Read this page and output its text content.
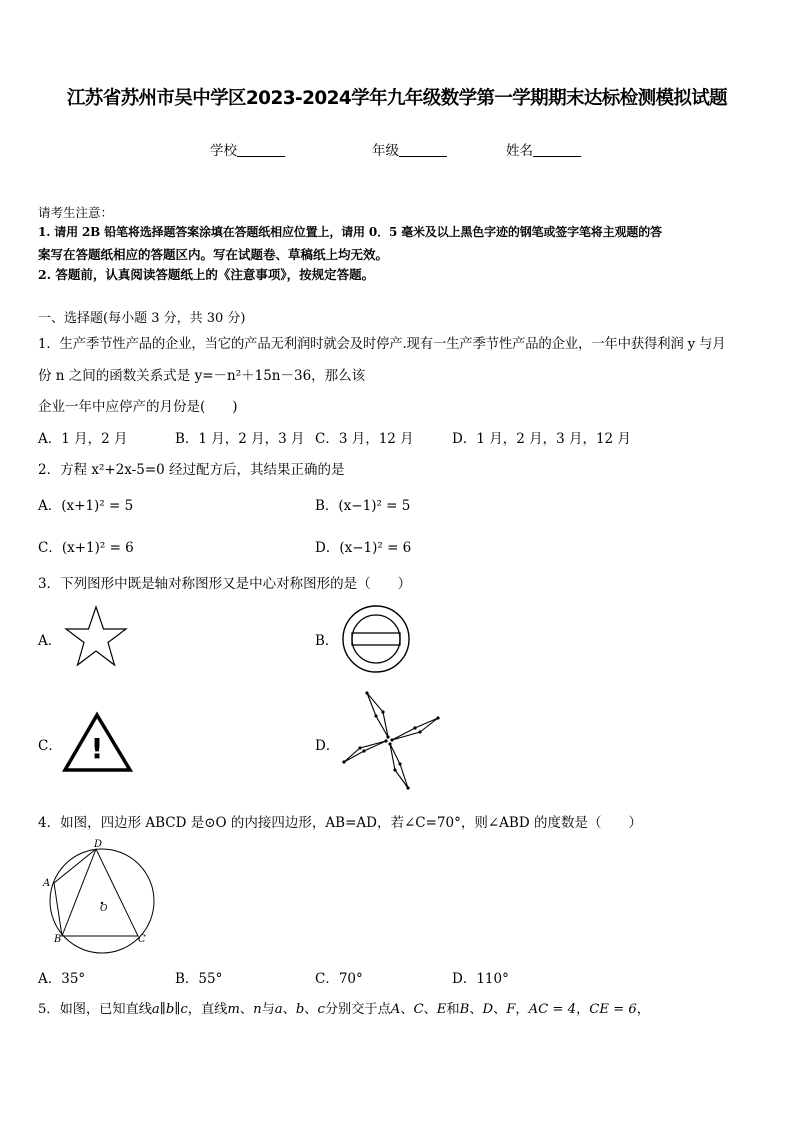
江苏省苏州市吴中学区2023-2024学年九年级数学第一学期期末达标检测模拟试题
学校	年级	姓名
请考生注意：
1. 请用 2B 铅笔将选择题答案涂填在答题纸相应位置上，请用 0．5 毫米及以上黑色字迹的钢笔或签字笔将主观题的答
案写在答题纸相应的答题区内。写在试题卷、草稿纸上均无效。
2. 答题前，认真阅读答题纸上的《注意事项》，按规定答题。
一、选择题(每小题 3 分，共 30 分)
1．生产季节性产品的企业，当它的产品无利润时就会及时停产.现有一生产季节性产品的企业，一年中获得利润 y 与月
份 n 之间的函数关系式是 y=－n²＋15n－36，那么该
企业一年中应停产的月份是(　　)
A．1 月，2 月	B．1 月，2 月，3 月 C．3 月，12 月	D．1 月，2 月，3 月，12 月
2．方程 x²+2x-5=0 经过配方后，其结果正确的是
A．(x+1)² = 5	B．(x−1)² = 5
C．(x+1)² = 6	D．(x−1)² = 6
3．下列图形中既是轴对称图形又是中心对称图形的是（　　）
A．	B．
C．	D．
!
4．如图，四边形 ABCD 是⊙O 的内接四边形，AB=AD，若∠C=70°，则∠ABD 的度数是（　　）
D
A
B	C
O
A．35°	B．55°	C．70°	D．110°
5．如图，已知直线a∥b∥c，直线m、n与a、b、c分别交于点A、C、E和B、D、F，AC = 4，CE = 6，
